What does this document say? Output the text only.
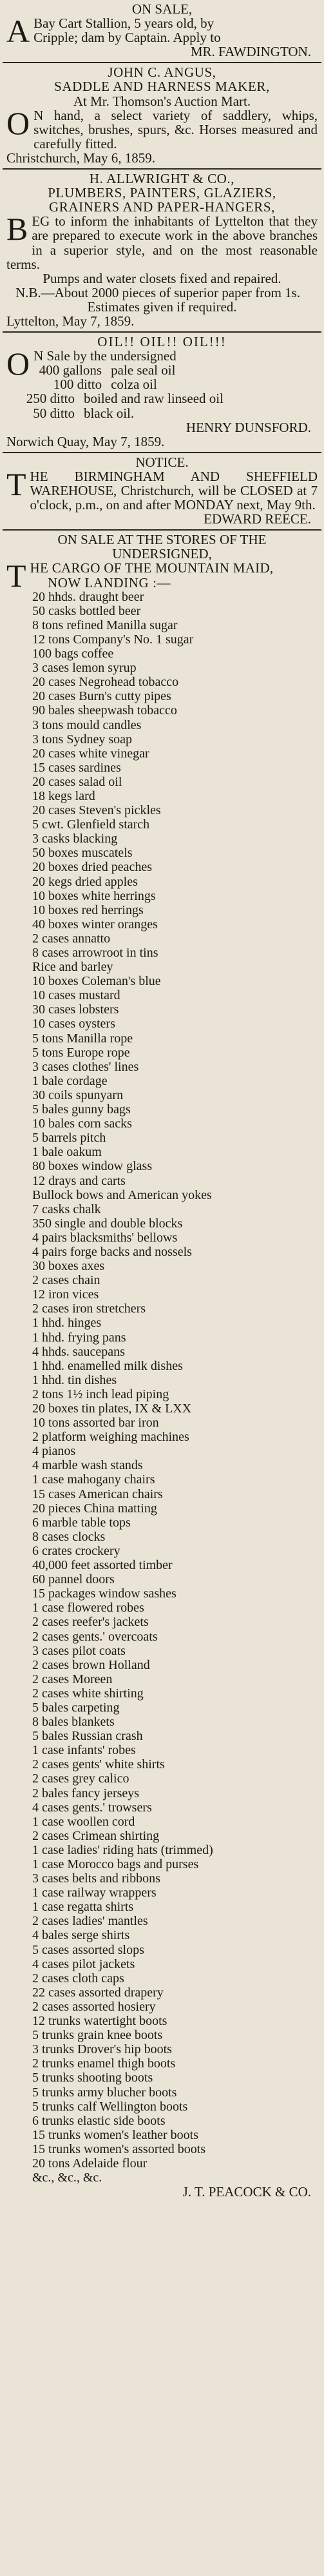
ON SALE,
A Bay Cart Stallion, 5 years old, by
Cripple; dam by Captain. Apply to
MR. FAWDINGTON.
JOHN C. ANGUS,
SADDLE AND HARNESS MAKER,
At Mr. Thomson's Auction Mart.
O N hand, a select variety of saddlery, whips, switches, brushes, spurs, &c. Horses measured and carefully fitted.
Christchurch, May 6, 1859.
H. ALLWRIGHT & CO.,
PLUMBERS, PAINTERS, GLAZIERS,
GRAINERS AND PAPER-HANGERS,
B EG to inform the inhabitants of Lyttelton that they are prepared to execute work in the above branches in a superior style, and on the most reasonable terms.
Pumps and water closets fixed and repaired.
N.B.—About 2000 pieces of superior paper from 1s.
Estimates given if required.
Lyttelton, May 7, 1859.
OIL!! OIL!! OIL!!!
O N Sale by the undersigned
400 gallons pale seal oil
100 ditto colza oil
250 ditto boiled and raw linseed oil
50 ditto black oil.
HENRY DUNSFORD.
Norwich Quay, May 7, 1859.
NOTICE.
T HE BIRMINGHAM AND SHEFFIELD WAREHOUSE, Christchurch, will be CLOSED at 7 o'clock, p.m., on and after MONDAY next, May 9th.
EDWARD REECE.
ON SALE AT THE STORES OF THE
UNDERSIGNED,
T HE CARGO OF THE MOUNTAIN MAID,
NOW LANDING :—
20 hhds. draught beer
50 casks bottled beer
8 tons refined Manilla sugar
12 tons Company's No. 1 sugar
100 bags coffee
3 cases lemon syrup
20 cases Negrohead tobacco
20 cases Burn's cutty pipes
90 bales sheepwash tobacco
3 tons mould candles
3 tons Sydney soap
20 cases white vinegar
15 cases sardines
20 cases salad oil
18 kegs lard
20 cases Steven's pickles
5 cwt. Glenfield starch
3 casks blacking
50 boxes muscatels
20 boxes dried peaches
20 kegs dried apples
10 boxes white herrings
10 boxes red herrings
40 boxes winter oranges
2 cases annatto
8 cases arrowroot in tins
Rice and barley
10 boxes Coleman's blue
10 cases mustard
30 cases lobsters
10 cases oysters
5 tons Manilla rope
5 tons Europe rope
3 cases clothes' lines
1 bale cordage
30 coils spunyarn
5 bales gunny bags
10 bales corn sacks
5 barrels pitch
1 bale oakum
80 boxes window glass
12 drays and carts
Bullock bows and American yokes
7 casks chalk
350 single and double blocks
4 pairs blacksmiths' bellows
4 pairs forge backs and nossels
30 boxes axes
2 cases chain
12 iron vices
2 cases iron stretchers
1 hhd. hinges
1 hhd. frying pans
4 hhds. saucepans
1 hhd. enamelled milk dishes
1 hhd. tin dishes
2 tons 1½ inch lead piping
20 boxes tin plates, IX & LXX
10 tons assorted bar iron
2 platform weighing machines
4 pianos
4 marble wash stands
1 case mahogany chairs
15 cases American chairs
20 pieces China matting
6 marble table tops
8 cases clocks
6 crates crockery
40,000 feet assorted timber
60 pannel doors
15 packages window sashes
1 case flowered robes
2 cases reefer's jackets
2 cases gents.' overcoats
3 cases pilot coats
2 cases brown Holland
2 cases Moreen
2 cases white shirting
5 bales carpeting
8 bales blankets
5 bales Russian crash
1 case infants' robes
2 cases gents' white shirts
2 cases grey calico
2 bales fancy jerseys
4 cases gents.' trowsers
1 case woollen cord
2 cases Crimean shirting
1 case ladies' riding hats (trimmed)
1 case Morocco bags and purses
3 cases belts and ribbons
1 case railway wrappers
1 case regatta shirts
2 cases ladies' mantles
4 bales serge shirts
5 cases assorted slops
4 cases pilot jackets
2 cases cloth caps
22 cases assorted drapery
2 cases assorted hosiery
12 trunks watertight boots
5 trunks grain knee boots
3 trunks Drover's hip boots
2 trunks enamel thigh boots
5 trunks shooting boots
5 trunks army blucher boots
5 trunks calf Wellington boots
6 trunks elastic side boots
15 trunks women's leather boots
15 trunks women's assorted boots
20 tons Adelaide flour
&c., &c., &c.
J. T. PEACOCK & CO.
